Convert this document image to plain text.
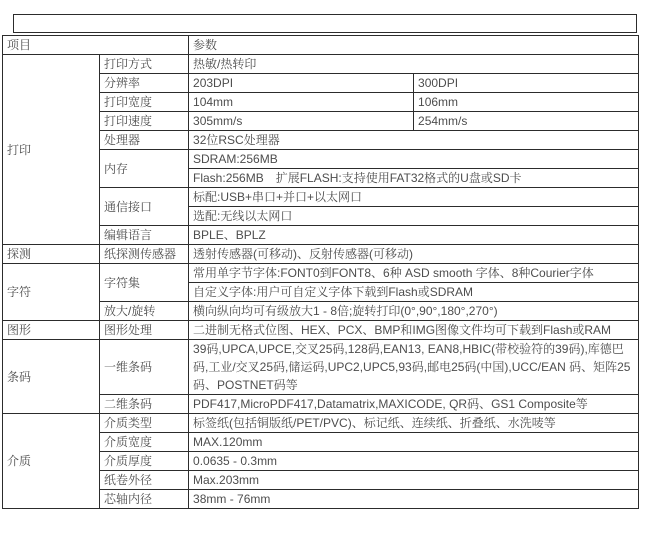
项目		参数	
打印	打印方式	热敏/热转印	
	分辨率	203DPI	300DPI
	打印宽度	104mm	106mm
	打印速度	305mm/s	254mm/s
	处理器	32位RSC处理器	
	内存	SDRAM:256MB	
		Flash:256MB　扩展FLASH:支持使用FAT32格式的U盘或SD卡	
	通信接口	标配:USB+串口+并口+以太网口	
		选配:无线以太网口	
	编辑语言	BPLE、BPLZ	
探测	纸探测传感器	透射传感器(可移动)、反射传感器(可移动)	
字符	字符集	常用单字节字体:FONT0到FONT8、6种 ASD smooth 字体、8种Courier字体	
		自定义字体:用户可自定义字体下载到Flash或SDRAM	
	放大/旋转	横向纵向均可有级放大1 - 8倍;旋转打印(0°,90°,180°,270°)	
图形	图形处理	二进制无格式位图、HEX、PCX、BMP和IMG图像文件均可下载到Flash或RAM	
条码	一维条码	39码,UPCA,UPCE,交叉25码,128码,EAN13, EAN8,HBIC(带校验符的39码),库德巴码,工业/交叉25码,储运码,UPC2,UPC5,93码,邮电25码(中国),UCC/EAN 码、矩阵25 码、POSTNET码等	
	二维条码	PDF417,MicroPDF417,Datamatrix,MAXICODE, QR码、GS1 Composite等	
介质	介质类型	标签纸(包括铜版纸/PET/PVC)、标记纸、连续纸、折叠纸、水洗唛等	
	介质宽度	MAX.120mm	
	介质厚度	0.0635 - 0.3mm	
	纸卷外径	Max.203mm	
	芯轴内径	38mm - 76mm	
